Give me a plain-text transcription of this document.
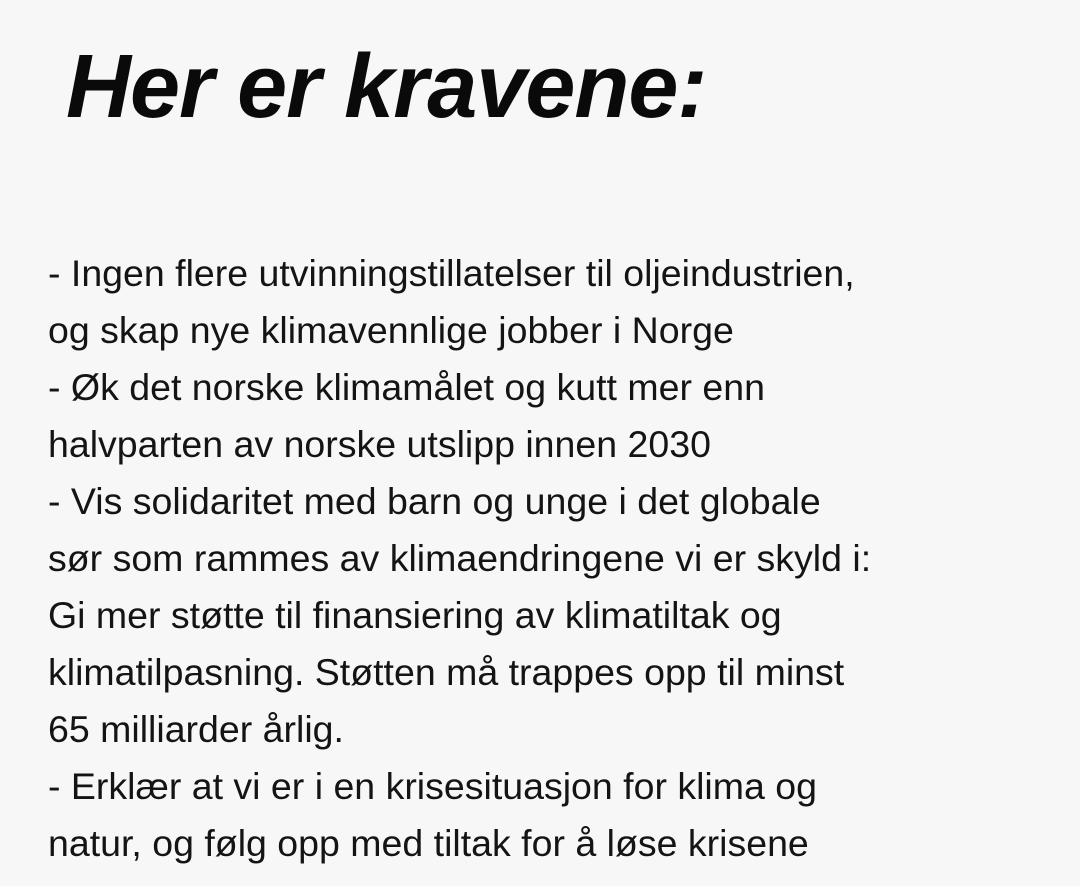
Her er kravene:
- Ingen flere utvinningstillatelser til oljeindustrien,
og skap nye klimavennlige jobber i Norge
- Øk det norske klimamålet og kutt mer enn
halvparten av norske utslipp innen 2030
- Vis solidaritet med barn og unge i det globale
sør som rammes av klimaendringene vi er skyld i:
Gi mer støtte til finansiering av klimatiltak og
klimatilpasning. Støtten må trappes opp til minst
65 milliarder årlig.
- Erklær at vi er i en krisesituasjon for klima og
natur, og følg opp med tiltak for å løse krisene
